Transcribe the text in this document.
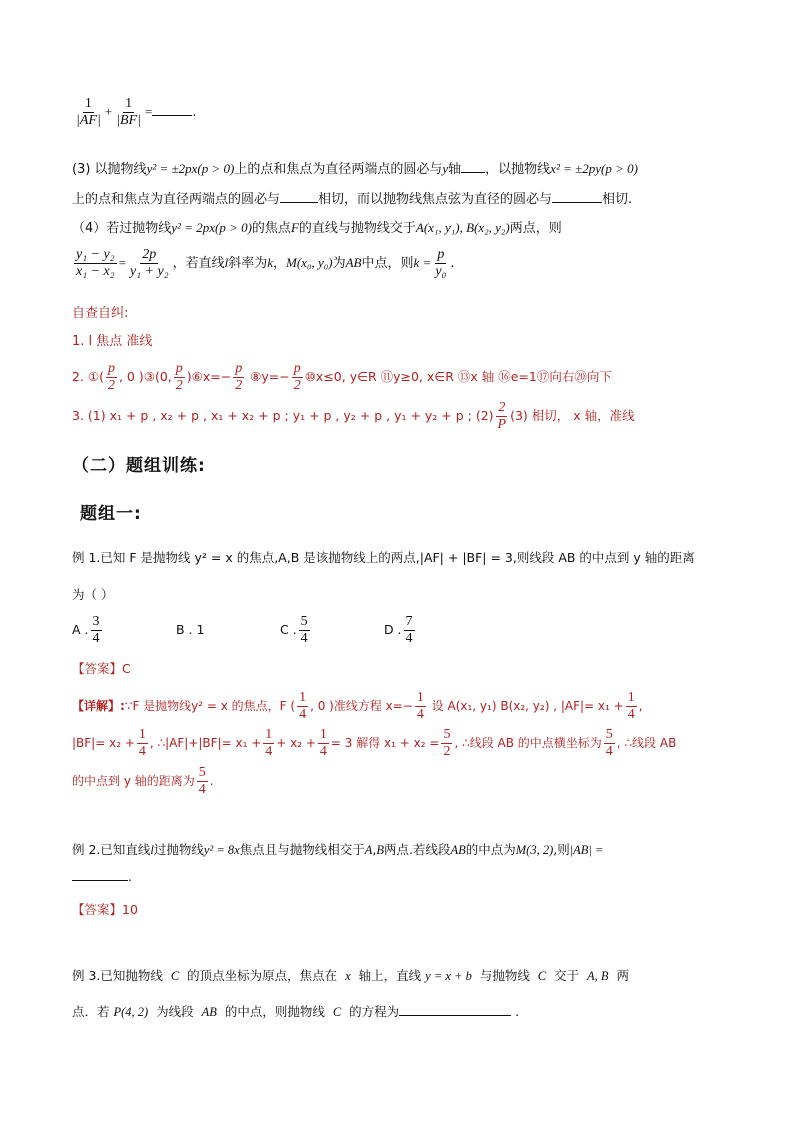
$\frac{1}{|AF|} + \frac{1}{|BF|}$ =	.
(3) 以抛物线y² = ±2px(p > 0)上的点和焦点为直径两端点的圆必与y轴 ，以抛物线x² = ±2py(p > 0)
上的点和焦点为直径两端点的圆必与	相切，而以抛物线焦点弦为直径的圆必与	相切.
（4）若过抛物线y² = 2px(p > 0)的焦点F的直线与抛物线交于A(x₁, y₁), B(x₂, y₂)两点，则
$\frac{\text{y₁ − y₂}}{\text{x₁ − x₂}} = \frac{2p}{\text{y₁ + y₂}}$ ，若直线l斜率为k，M(x₀, y₀)为AB中点，则$k = \frac{p}{\text{y₀}}$ .
自查自纠:
1. l 焦点 准线
2. ①( $\frac{p}{2}$ , 0 )③(0, $\frac{p}{2}$ )⑥x=− $\frac{p}{2}$ ⑧y=− $\frac{p}{2}$ ⑩x≤0, y∈R ⑪y≥0, x∈R ⑬x 轴 ⑯e=1⑰向右⑳向下
3. (1) x₁ + p , x₂ + p , x₁ + x₂ + p ; y₁ + p , y₂ + p , y₁ + y₂ + p ; $(2) \frac{2}{P} (3)$ 相切， x 轴，准线
（二）题组训练:
题组一:
例 1.已知 F 是抛物线 y² = x 的焦点,A,B 是该抛物线上的两点,|AF| + |BF| = 3,则线段 AB 的中点到 y 轴的距离
为（ ）
A . $\frac{3}{4}$	B . 1	C . $\frac{5}{4}$	D . $\frac{7}{4}$
【答案】C
【详解】:∵F 是抛物线y² = x 的焦点，F ( $\frac{1}{4}$ , 0 )准线方程 $x=- \frac{1}{4}$ 设 A(x₁, y₁) B(x₂, y₂) , $|AF|= x_1 + \frac{1}{4}$ ,
$|BF|= x_2 + \frac{1}{4}$ , ∴|AF|+|BF|= $x_1 + \frac{1}{4} + x_2 + \frac{1}{4} = 3$ 解得 $x_1 + x_2 = \frac{5}{2}$ , ∴线段 AB 的中点横坐标为 $\frac{5}{4}$ , ∴线段 AB
的中点到 y 轴的距离为 $\frac{5}{4}$ .
例 2.已知直线l过抛物线y² = 8x焦点且与抛物线相交于A,B两点.若线段AB的中点为M(3, 2),则|AB| =
.
【答案】10
例 3.已知抛物线 C 的顶点坐标为原点，焦点在 x 轴上，直线 y = x + b 与抛物线 C 交于 A, B 两
点．若 P(4, 2) 为线段 AB 的中点，则抛物线 C 的方程为	.
